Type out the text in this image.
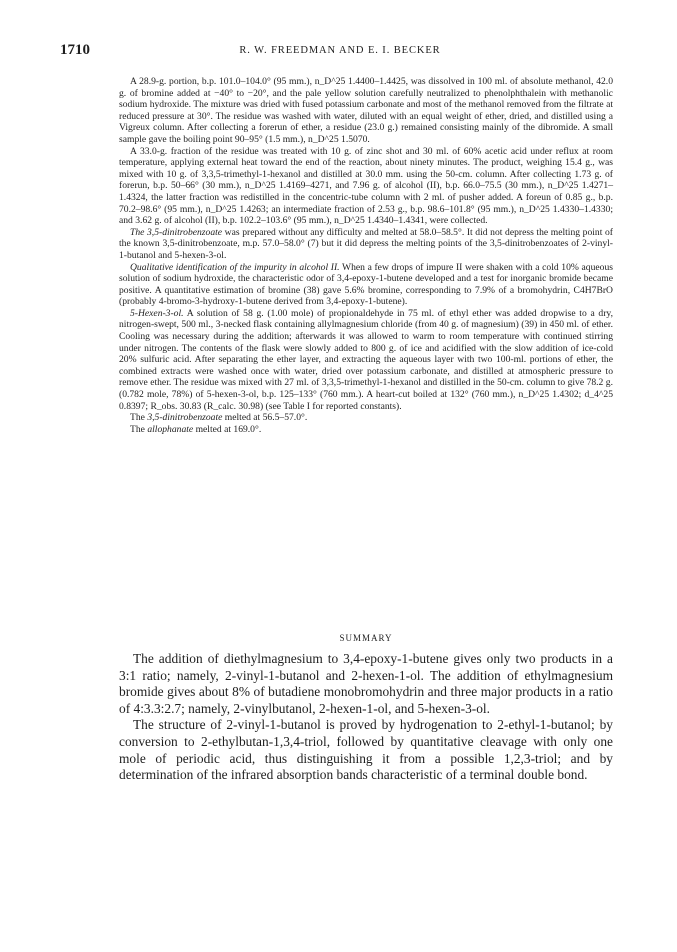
1710	R. W. FREEDMAN AND E. I. BECKER

A 28.9-g. portion, b.p. 101.0–104.0° (95 mm.), n_D^25 1.4400–1.4425, was dissolved in 100 ml. of absolute methanol, 42.0 g. of bromine added at −40° to −20°, and the pale yellow solution carefully neutralized to phenolphthalein with methanolic sodium hydroxide. The mixture was dried with fused potassium carbonate and most of the methanol removed from the filtrate at reduced pressure at 30°. The residue was washed with water, diluted with an equal weight of ether, dried, and distilled using a Vigreux column. After collecting a forerun of ether, a residue (23.0 g.) remained consisting mainly of the dibromide. A small sample gave the boiling point 90–95° (1.5 mm.), n_D^25 1.5070.

A 33.0-g. fraction of the residue was treated with 10 g. of zinc shot and 30 ml. of 60% acetic acid under reflux at room temperature, applying external heat toward the end of the reaction, about ninety minutes. The product, weighing 15.4 g., was mixed with 10 g. of 3,3,5-trimethyl-1-hexanol and distilled at 30.0 mm. using the 50-cm. column. After collecting 1.73 g. of forerun, b.p. 50–66° (30 mm.), n_D^25 1.4169–4271, and 7.96 g. of alcohol (II), b.p. 66.0–75.5 (30 mm.), n_D^25 1.4271–1.4324, the latter fraction was redistilled in the concentric-tube column with 2 ml. of pusher added. A foreun of 0.85 g., b.p. 70.2–98.6° (95 mm.), n_D^25 1.4263; an intermediate fraction of 2.53 g., b.p. 98.6–101.8° (95 mm.), n_D^25 1.4330–1.4330; and 3.62 g. of alcohol (II), b.p. 102.2–103.6° (95 mm.), n_D^25 1.4340–1.4341, were collected.

The 3,5-dinitrobenzoate was prepared without any difficulty and melted at 58.0–58.5°. It did not depress the melting point of the known 3,5-dinitrobenzoate, m.p. 57.0–58.0° (7) but it did depress the melting points of the 3,5-dinitrobenzoates of 2-vinyl-1-butanol and 5-hexen-3-ol.

Qualitative identification of the impurity in alcohol II. When a few drops of impure II were shaken with a cold 10% aqueous solution of sodium hydroxide, the characteristic odor of 3,4-epoxy-1-butene developed and a test for inorganic bromide became positive. A quantitative estimation of bromine (38) gave 5.6% bromine, corresponding to 7.9% of a bromohydrin, C4H7BrO (probably 4-bromo-3-hydroxy-1-butene derived from 3,4-epoxy-1-butene).

5-Hexen-3-ol. A solution of 58 g. (1.00 mole) of propionaldehyde in 75 ml. of ethyl ether was added dropwise to a dry, nitrogen-swept, 500 ml., 3-necked flask containing allylmagnesium chloride (from 40 g. of magnesium) (39) in 450 ml. of ether. Cooling was necessary during the addition; afterwards it was allowed to warm to room temperature with continued stirring under nitrogen. The contents of the flask were slowly added to 800 g. of ice and acidified with the slow addition of ice-cold 20% sulfuric acid. After separating the ether layer, and extracting the aqueous layer with two 100-ml. portions of ether, the combined extracts were washed once with water, dried over potassium carbonate, and distilled at atmospheric pressure to remove ether. The residue was mixed with 27 ml. of 3,3,5-trimethyl-1-hexanol and distilled in the 50-cm. column to give 78.2 g. (0.782 mole, 78%) of 5-hexen-3-ol, b.p. 125–133° (760 mm.). A heart-cut boiled at 132° (760 mm.), n_D^25 1.4302; d_4^25 0.8397; R_obs. 30.83 (R_calc. 30.98) (see Table I for reported constants).

The 3,5-dinitrobenzoate melted at 56.5–57.0°.

The allophanate melted at 169.0°.

SUMMARY

The addition of diethylmagnesium to 3,4-epoxy-1-butene gives only two products in a 3:1 ratio; namely, 2-vinyl-1-butanol and 2-hexen-1-ol. The addition of ethylmagnesium bromide gives about 8% of butadiene monobromohydrin and three major products in a ratio of 4:3.3:2.7; namely, 2-vinylbutanol, 2-hexen-1-ol, and 5-hexen-3-ol.

The structure of 2-vinyl-1-butanol is proved by hydrogenation to 2-ethyl-1-butanol; by conversion to 2-ethylbutan-1,3,4-triol, followed by quantitative cleavage with only one mole of periodic acid, thus distinguishing it from a possible 1,2,3-triol; and by determination of the infrared absorption bands characteristic of a terminal double bond.
